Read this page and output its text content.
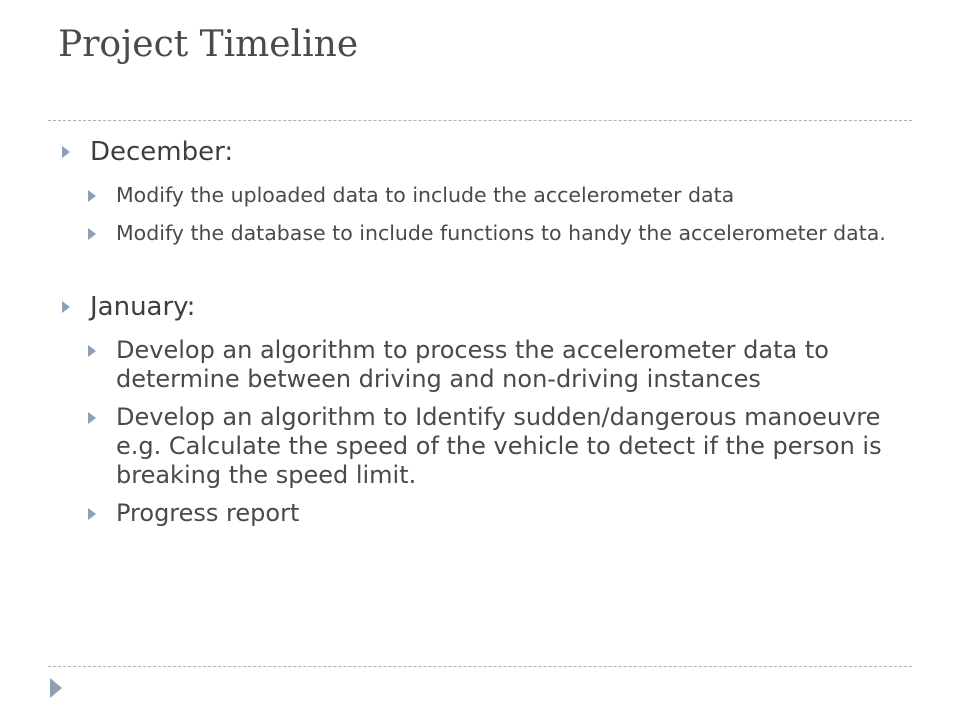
Project Timeline
December:
Modify the uploaded data to include the accelerometer data
Modify the database to include functions to handy the accelerometer data.
January:
Develop an algorithm to process the accelerometer data to determine between driving and non-driving instances
Develop an algorithm to Identify sudden/dangerous manoeuvre e.g. Calculate the speed of the vehicle to detect if the person is breaking the speed limit.
Progress report
